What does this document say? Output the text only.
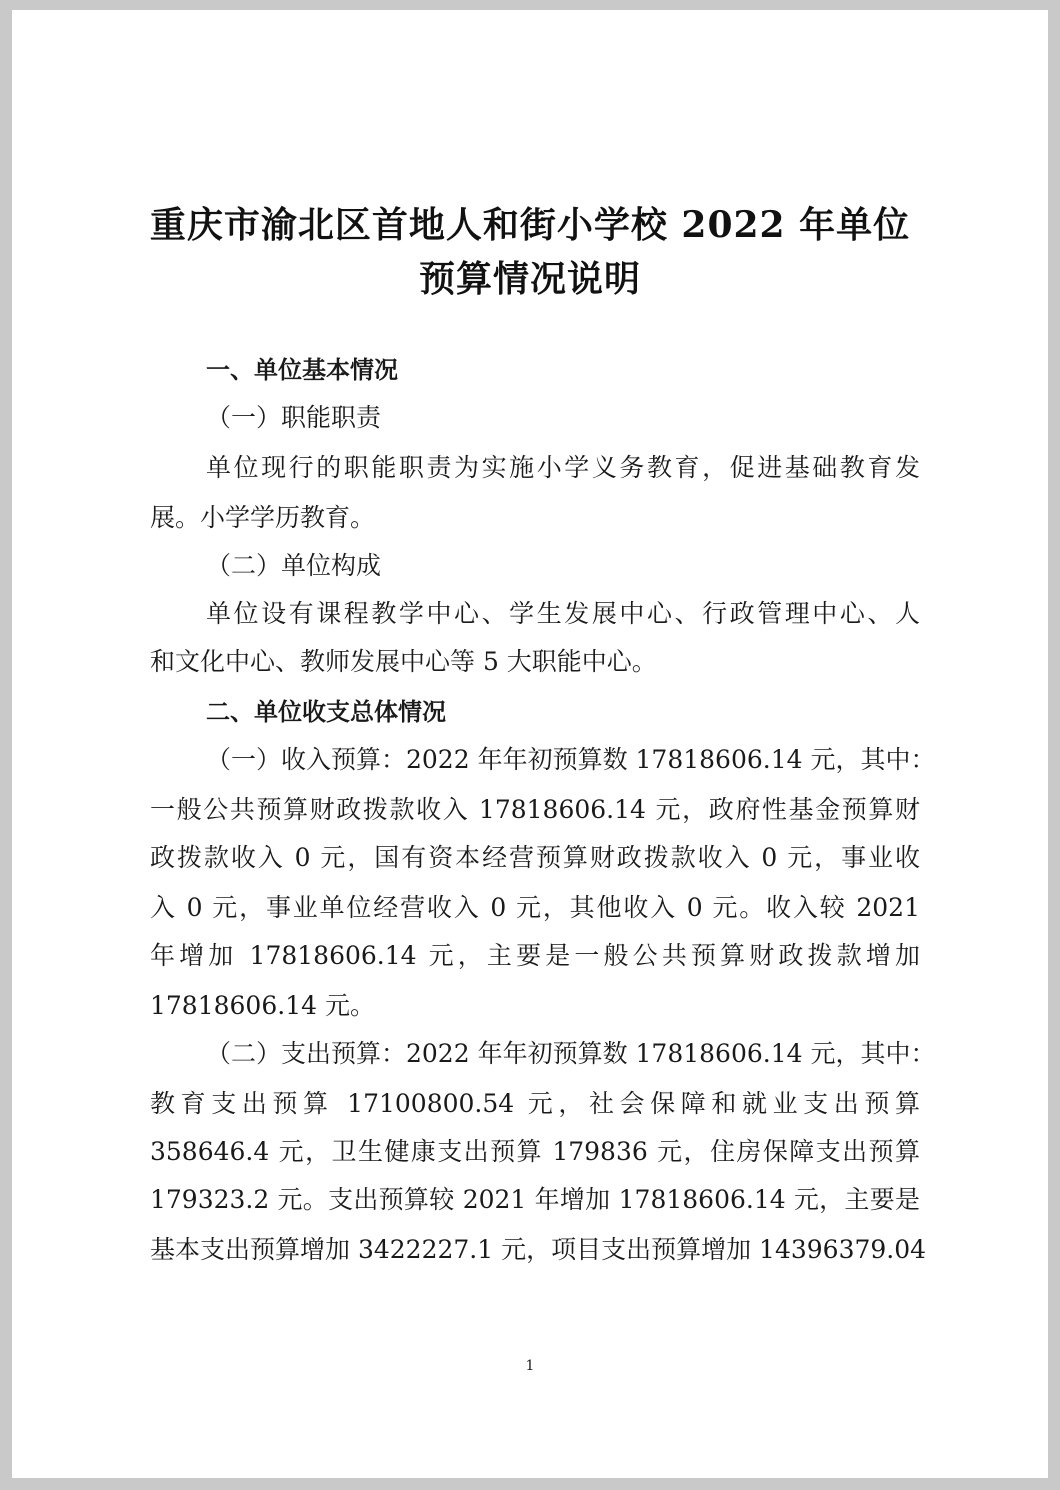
重庆市渝北区首地人和街小学校 2022 年单位
预算情况说明

一、单位基本情况

（一）职能职责

单位现行的职能职责为实施小学义务教育，促进基础教育发

展。小学学历教育。

（二）单位构成

单位设有课程教学中心、学生发展中心、行政管理中心、人

和文化中心、教师发展中心等 5 大职能中心。

二、单位收支总体情况

（一）收入预算：2022 年年初预算数 17818606.14 元，其中：

一般公共预算财政拨款收入 17818606.14 元，政府性基金预算财

政拨款收入 0 元，国有资本经营预算财政拨款收入 0 元，事业收

入 0 元，事业单位经营收入 0 元，其他收入 0 元。收入较 2021

年增加 17818606.14 元，主要是一般公共预算财政拨款增加

17818606.14 元。

（二）支出预算：2022 年年初预算数 17818606.14 元，其中：

教育支出预算 17100800.54 元，社会保障和就业支出预算

358646.4 元，卫生健康支出预算 179836 元，住房保障支出预算

179323.2 元。支出预算较 2021 年增加 17818606.14 元，主要是

基本支出预算增加 3422227.1 元，项目支出预算增加 14396379.04

1
